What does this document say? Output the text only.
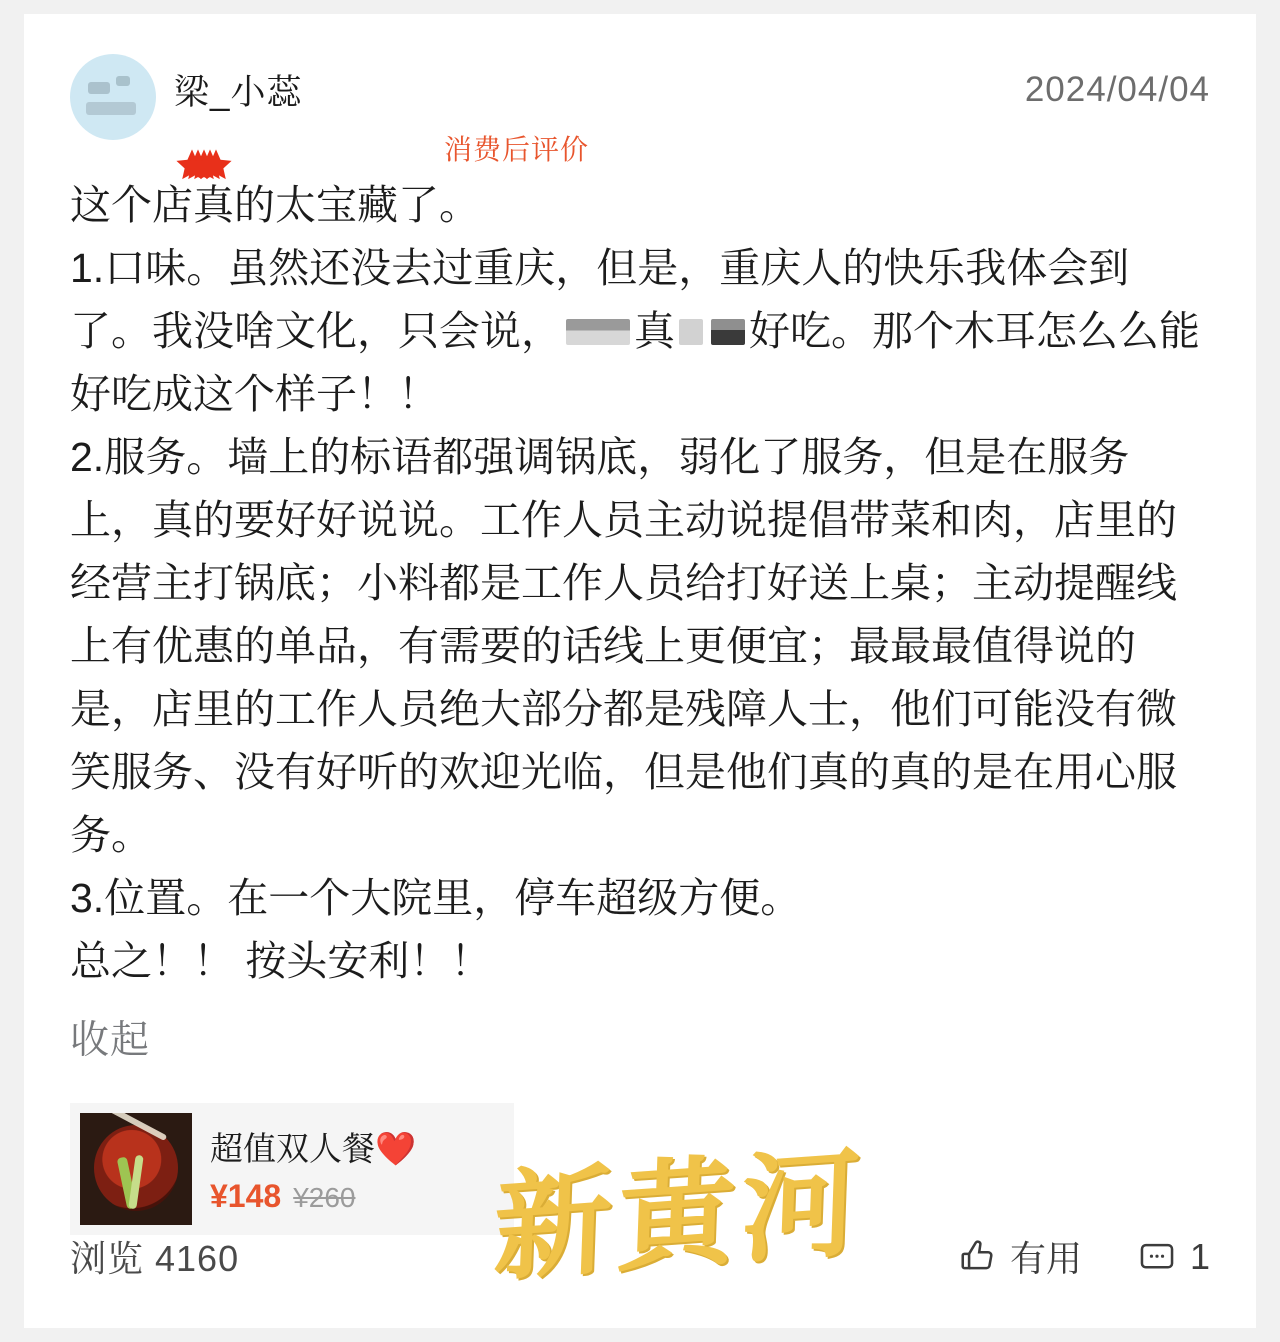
梁_小蕊	2024/04/04
消费后评价

这个店真的太宝藏了。

1.口味。虽然还没去过重庆，但是，重庆人的快乐我体会到了。我没啥文化，只会说， 真 好吃。那个木耳怎么么能好吃成这个样子！！

2.服务。墙上的标语都强调锅底，弱化了服务，但是在服务上，真的要好好说说。工作人员主动说提倡带菜和肉，店里的经营主打锅底；小料都是工作人员给打好送上桌；主动提醒线上有优惠的单品，有需要的话线上更便宜；最最最值得说的是，店里的工作人员绝大部分都是残障人士，他们可能没有微笑服务、没有好听的欢迎光临，但是他们真的真的是在用心服务。

3.位置。在一个大院里，停车超级方便。

总之！！ 按头安利！！

收起
超值双人餐❤️
¥148 ¥260 新黄河
浏览 4160	有用	1
